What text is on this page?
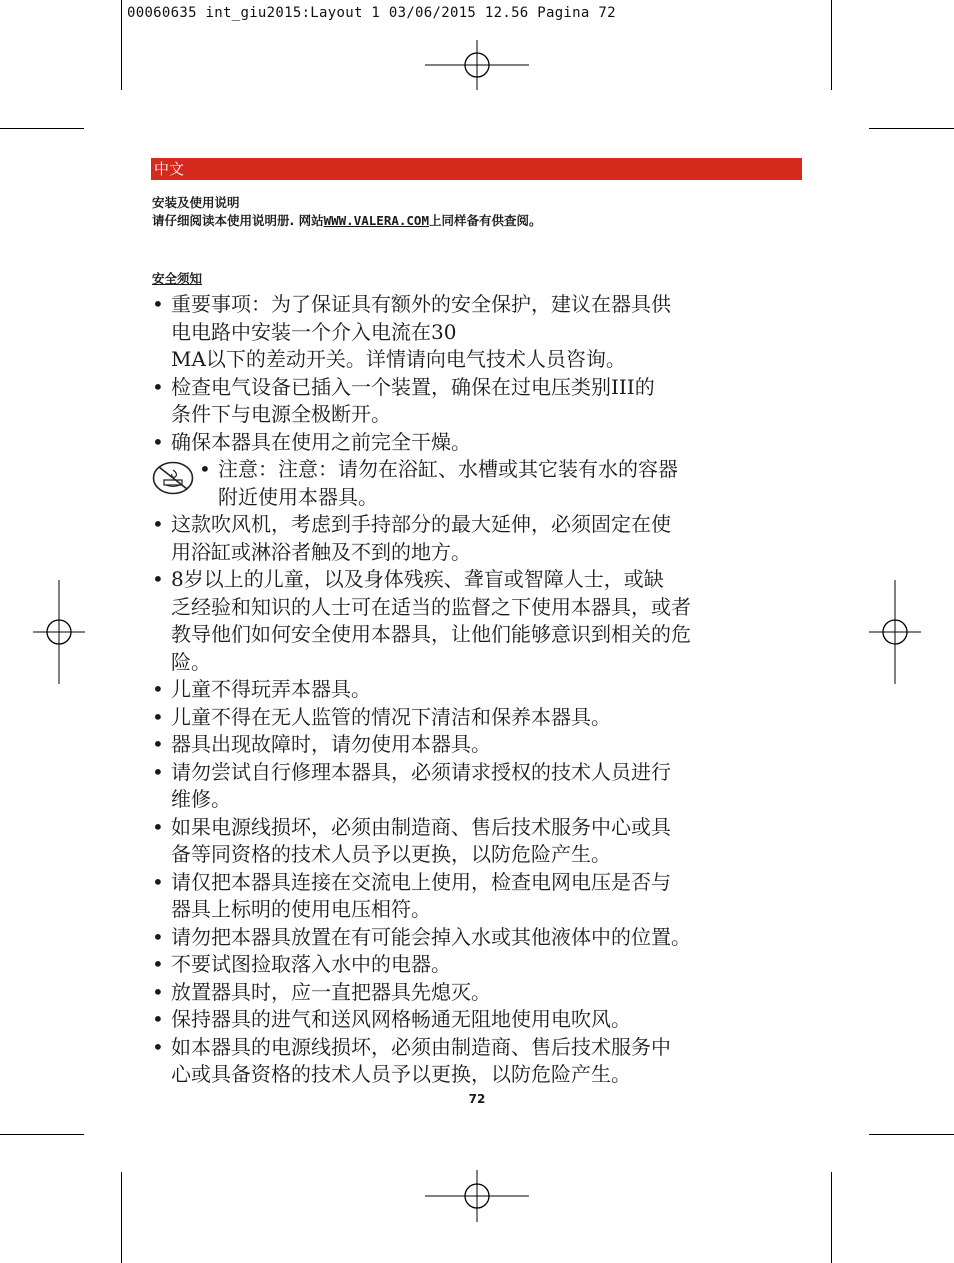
00060635 int_giu2015:Layout 1 03/06/2015 12.56 Pagina 72
中文
安装及使用说明
请仔细阅读本使用说明册. 网站WWW.VALERA.COM上同样备有供查阅。
安全须知
• 重要事项：为了保证具有额外的安全保护，建议在器具供
电电路中安装一个介入电流在30
MA以下的差动开关。详情请向电气技术人员咨询。
• 检查电气设备已插入一个装置，确保在过电压类别III的
条件下与电源全极断开。
• 确保本器具在使用之前完全干燥。
• 注意：注意：请勿在浴缸、水槽或其它装有水的容器
附近使用本器具。
• 这款吹风机，考虑到手持部分的最大延伸，必须固定在使
用浴缸或淋浴者触及不到的地方。
• 8岁以上的儿童，以及身体残疾、聋盲或智障人士，或缺
乏经验和知识的人士可在适当的监督之下使用本器具，或者
教导他们如何安全使用本器具，让他们能够意识到相关的危
险。
• 儿童不得玩弄本器具。
• 儿童不得在无人监管的情况下清洁和保养本器具。
• 器具出现故障时，请勿使用本器具。
• 请勿尝试自行修理本器具，必须请求授权的技术人员进行
维修。
• 如果电源线损坏，必须由制造商、售后技术服务中心或具
备等同资格的技术人员予以更换，以防危险产生。
• 请仅把本器具连接在交流电上使用，检查电网电压是否与
器具上标明的使用电压相符。
• 请勿把本器具放置在有可能会掉入水或其他液体中的位置。
• 不要试图捡取落入水中的电器。
• 放置器具时，应一直把器具先熄灭。
• 保持器具的进气和送风网格畅通无阻地使用电吹风。
• 如本器具的电源线损坏，必须由制造商、售后技术服务中
心或具备资格的技术人员予以更换，以防危险产生。
72
